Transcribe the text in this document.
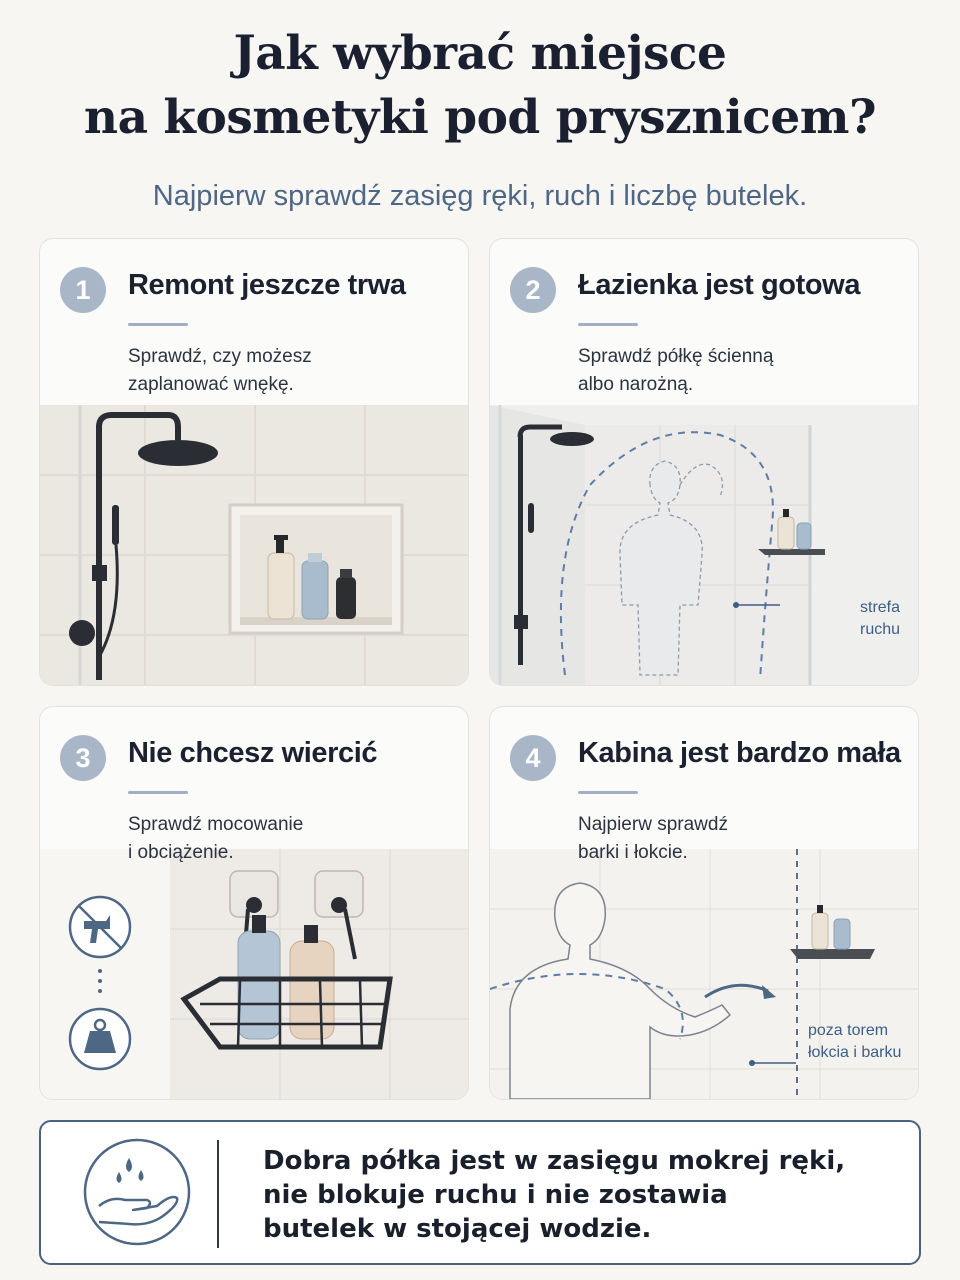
Jak wybrać miejsce
na kosmetyki pod prysznicem?
Najpierw sprawdź zasięg ręki, ruch i liczbę butelek.
1	Remont jeszcze trwa
Sprawdź, czy możesz
zaplanować wnękę.
strefa
ruchu
2	Łazienka jest gotowa
Sprawdź półkę ścienną
albo narożną.
3	Nie chcesz wiercić
Sprawdź mocowanie
i obciążenie.
poza torem
łokcia i barku
4	Kabina jest bardzo mała
Najpierw sprawdź
barki i łokcie.
Dobra półka jest w zasięgu mokrej ręki,
nie blokuje ruchu i nie zostawia
butelek w stojącej wodzie.
